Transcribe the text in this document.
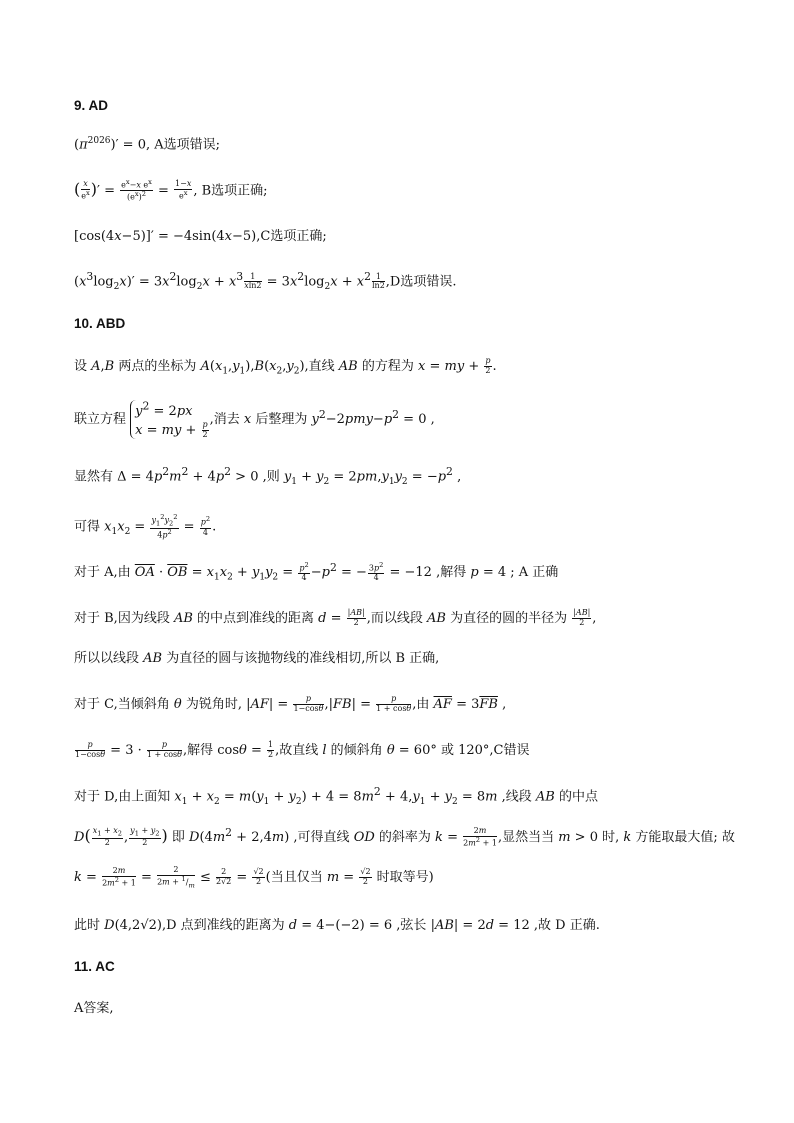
9. AD
$(\pi^{2026})' = 0$, A选项错误;
( $\frac{x}{e^x}$ )′ = $\frac{e^x-x e^x}{(e^x)^2} = \frac{1-x}{e^x}$ , B选项正确;
[cos(4x−5)]′ = −4sin(4x−5),C选项正确;
$(x^3\log_2x)' = 3x^2\log_2x + x^3 \frac{1}{xln2} = 3x^2\log_2x + x^2 \frac{1}{\ln 2} ,D$选项错误.
10. ABD
设 A,B 两点的坐标为 $A(x_1,y_1),B(x_2,y_2)$,直线 AB 的方程为 x = my + $\frac{p}{2}$ .
联立方程 $y^2 = 2px$
x = my + $\frac{p}{2}$
,消去 x 后整理为 $y^2-2pmy-p^2 = 0$ ,
显然有 $\Delta = 4p^2m^2 + 4p^2 > 0$ ,则 $y_1 + y_2 = 2pm,y_1y_2 = -p^2$ ,
可得 $x_1x_2 = \frac{y_1^2y_2^2}{4p^2} = \frac{p^2}{4}$ .
对于 A,由 $\overline{OA} \cdot \overline{OB} = x_1x_2 + y_1y_2 = \frac{p^2}{4} -p^2$ = − $\frac{3p^2}{4} = -12$ ,解得 p = 4 ; A 正确
对于 B,因为线段 AB 的中点到准线的距离 $d = \frac{|AB|}{2}$ ,而以线段 AB 为直径的圆的半径为 $\frac{|AB|}{2}$ ,
所以以线段 AB 为直径的圆与该抛物线的准线相切,所以 B 正确,
对于 C,当倾斜角 θ 为锐角时, $|AF| = \frac{p}{1-\cos\theta} ,|FB| = \frac{p}{1 + \cos\theta}$ ,由 $\overline{AF} = 3\overline{FB}$ ,
$\frac{p}{1-\cos\theta} = 3 \cdot \frac{p}{1 + \cos\theta}$ ,解得 $\cos\theta = \frac{1}{2}$ ,故直线 l 的倾斜角 θ = 60° 或 120°,C错误
对于 D,由上面知 $x_1 + x_2 = m(y_1 + y_2) + 4 = 8m^2 + 4,y_1 + y_2 = 8m$ ,线段 AB 的中点
$D( \frac{x_1 + x_2}{2}$ , $\frac{y_1 + y_2}{2}$ ) 即 $D(4m^2 + 2,4m)$ ,可得直线 OD 的斜率为 $k = \frac{2m}{2m^2 + 1}$ ,显然当当 m > 0 时, k 方能取最大值; 故
$k = \frac{2m}{2m^2 + 1} = \frac{2}{2m + ^1/_m} \le \frac{2}{2√2} = \frac{√2}{2}$ (当且仅当 $m = \frac{√2}{2}$ 时取等号)
此时 D(4,2√2),D 点到准线的距离为 d = 4−(−2) = 6 ,弦长 |AB| = 2d = 12 ,故 D 正确.
11. AC
A答案,
